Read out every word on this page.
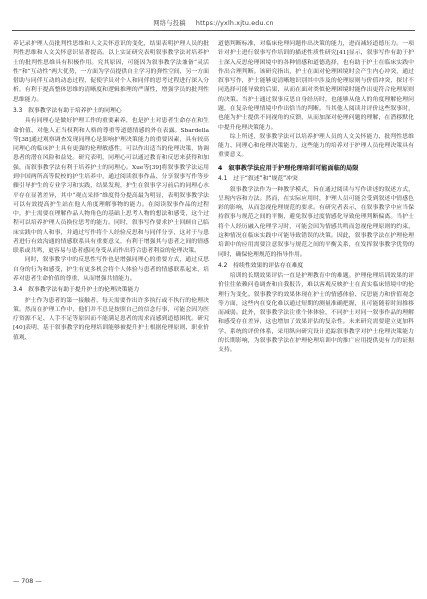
网络与投稿 https://yxlh.xjtu.edu.cn

养记录护理人员批判性思维和人文关怀意识的变化，结果表明护理人员的批判性思维和人文关怀意识显著提高。以上实证研究表明叙事教学法对培养护士的批判性思维具有积极作用。究其原因，可能因为叙事教学法兼备“灵活性”和“互动性”两大优势，一方面为学员提供自主学习的弹性空间，另一方面借助与同伴互动的动态过程，促使学员对个人和同伴的思考过程进行深入分析，有利于提高整体思维的清晰度和逻辑推理的严谨性，增强学员的批判性思维能力。

3.3　叙事教学法有助于培养护士的同理心

具有同理心是做好护理工作的重要素养，也是护士对患者生命存在和生命价值、对他人正当权利和人格的尊重等道德情感的外在表露。Sbardella等[38]通过观察调查发现同理心是影响护理决策能力的重要因素，具有较高同理心的临床护士具有更强的伦理敏感性，可以作出适当的伦理决策，协调患者的潜在风险和益处。研究表明，同理心可以通过教育和反思来获得和加强，而叙事教学法有利于培养护士的同理心。Xue等[39]将叙事教学法运用到中国两所高等院校的护生培养中，通过阅读叙事作品、分享叙事写作等步骤引导护生的专业学习和实践，结果发现，护生在叙事学习前后的同理心水平存在显著差异，其中“观点采择”维度得分提高最为明显，表明叙事教学法可以有效提高护生站在他人角度理解事物的能力。在阅读叙事作品的过程中，护士需要在理解作品人物角色的基础上思考人物的想法和感受，这个过程可以培养护理人员换位思考的能力。同时，叙事写作要求护士回顾自己临床实践中的人和事，并通过写作将个人经验反思和与同伴分享，这对于与患者进行有效沟通的情感联系具有重要意义，有利于增强其与患者之间的情感联系或共鸣，更容易与患者感同身受从而作出符合患者利益的伦理决策。

同时，叙事教学中的反思性写作也是增强同理心的重要方式，通过反思自身的行为和感受，护生有更多机会将个人体验与患者的情感联系起来，培养对患者生命价值的尊重，从而增强共情能力。

3.4　叙事教学法有助于提升护士的伦理决策能力

护士作为患者的第一接触者，每天需要作出许多执行或不执行的伦理决策。然而在护理工作中，他们并不总是按照自己的信念行事，可能会因为医疗资源不足、人手不足等原因而不能满足患者的需求而感到道德困扰。研究[40]表明，基于叙事教学的伦理培训能够被提升护士根据伦理原则、职业价值观、

道德判断标准，对临床伦理问题作出决策的能力，进而减轻道德压力。一项针对护士进行叙事写作培训的描述性质性研究[41]显示，叙事写作有助于护士深入反思伦理困境中的各种情感和道德选择，也有助于护士在临床实践中作出合理判断。该研究指出，护士在面对伦理困境时会产生内心冲突，通过叙事写作，护士能够更清晰地识别其中涉及的伦理原则与价值冲突，探讨不同选择可能导致的后果，从而在面对类似伦理困境时能作出更符合伦理原则的决策。当护士通过叙事反思自身经历时，也能够从他人的角度理解伦理问题，在复杂伦理情境中作出恰当的判断。当其他人阅读并评价这些叙事时，也能为护士提供不同视角的反馈，从而加深对伦理问题的理解，在潜移默化中提升伦理决策能力。

综上所述，叙事教学法可以培养护理人员的人文关怀能力、批判性思维能力、同理心和伦理决策能力，这些能力的培养对于护理人员伦理决策具有重要意义。

4　叙事教学法应用于护理伦理培训可能面临的局限
4.1　过于“叙述”和“规范”冲突

叙事教学法作为一种教学模式，旨在通过阅读与写作讲述的叙述方式，呈现内容和方法。然而，在实际应用时，护理人员可能会受到叙述中情感色彩的影响，从而忽视伦理规范的要求。有研究者表示，在叙事教学中应当保持叙事与规范之间的平衡，避免叙事过度情感化导致伦理判断偏离。当护士将个人经历融入伦理学习时，可能会因为情感共鸣而忽视伦理原则的约束，这种情况在临床实践中可能导致错误的决策。因此，叙事教学法在护理伦理培训中的应用需要注意叙事与规范之间的平衡关系，在发挥叙事教学优势的同时，确保伦理规范的指导作用。

4.2　持续性效果的评估存在难度

培训的长期效果评估一直是护理教育中的难题。护理伦理培训效果的评价往往依赖问卷调查和自我报告，难以客观反映护士在真实临床情境中的伦理行为变化。叙事教学的效果体现在护士的情感体验、反思能力和价值观念等方面，这些内在变化难以通过短期的测量准确把握，且可能随着时间推移而减弱。此外，叙事教学法注重个体体验，不同护士对同一叙事作品的理解和感受存在差异，这也增加了效果评估的复杂性。未来研究需要建立更加科学、系统的评价体系，采用纵向研究设计追踪叙事教学对护士伦理决策能力的长期影响，为叙事教学法在护理伦理培训中的推广应用提供更有力的证据支持。

— 708 —
